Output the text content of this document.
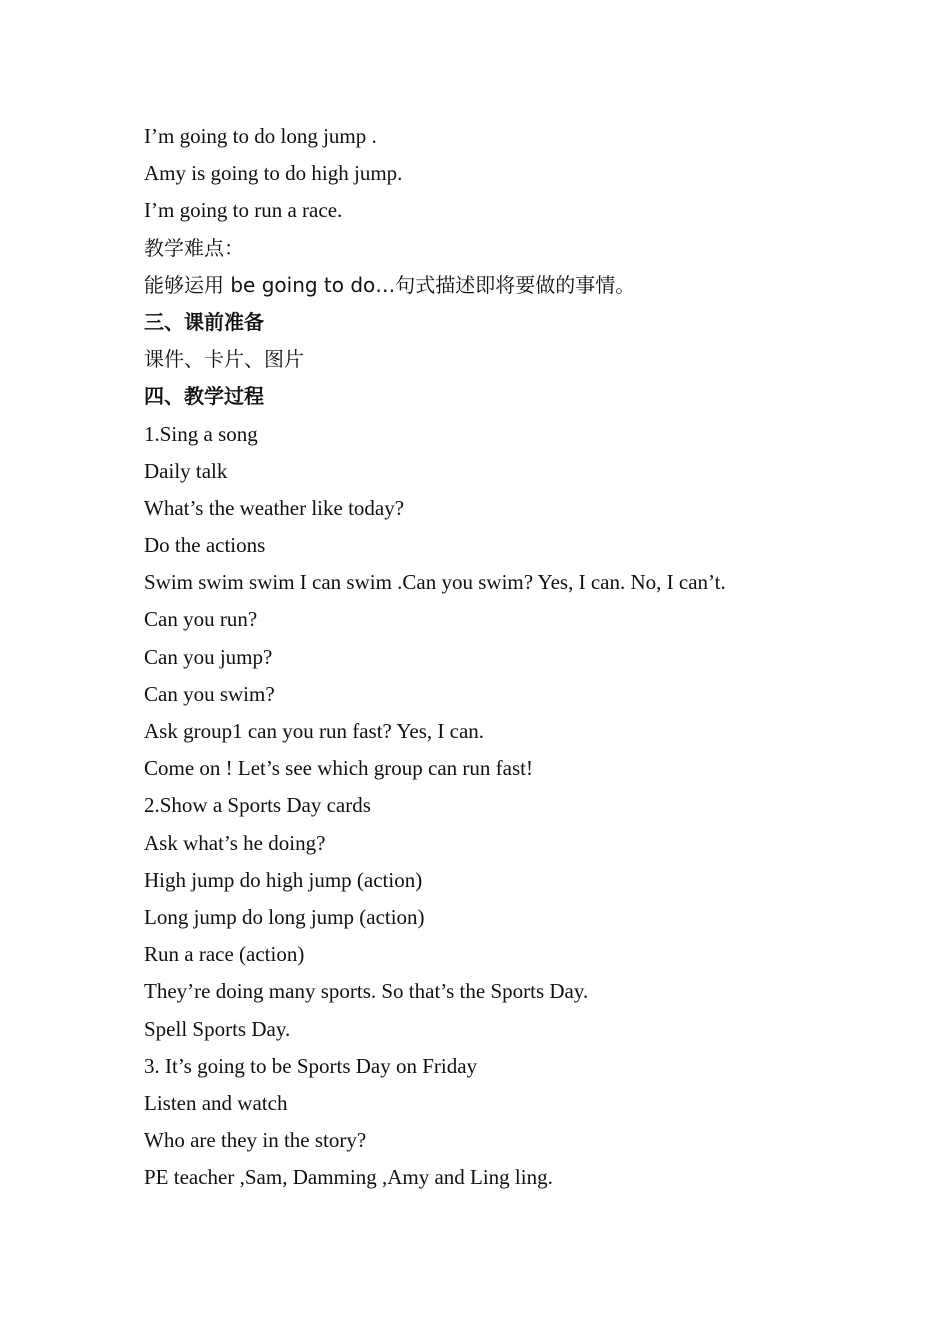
I’m going to do long jump .
Amy is going to do high jump.
I’m going to run a race.
教学难点：
能够运用 be going to do…句式描述即将要做的事情。
三、课前准备
课件、卡片、图片
四、教学过程
1.Sing a song
Daily talk
What’s the weather like today?
Do the actions
Swim swim swim I can swim .Can you swim? Yes, I can. No, I can’t.
Can you run?
Can you jump?
Can you swim?
Ask group1 can you run fast? Yes, I can.
Come on ! Let’s see which group can run fast!
2.Show a Sports Day cards
Ask what’s he doing?
High jump do high jump (action)
Long jump do long jump (action)
Run a race (action)
They’re doing many sports. So that’s the Sports Day.
Spell Sports Day.
3. It’s going to be Sports Day on Friday
Listen and watch
Who are they in the story?
PE teacher ,Sam, Damming ,Amy and Ling ling.
